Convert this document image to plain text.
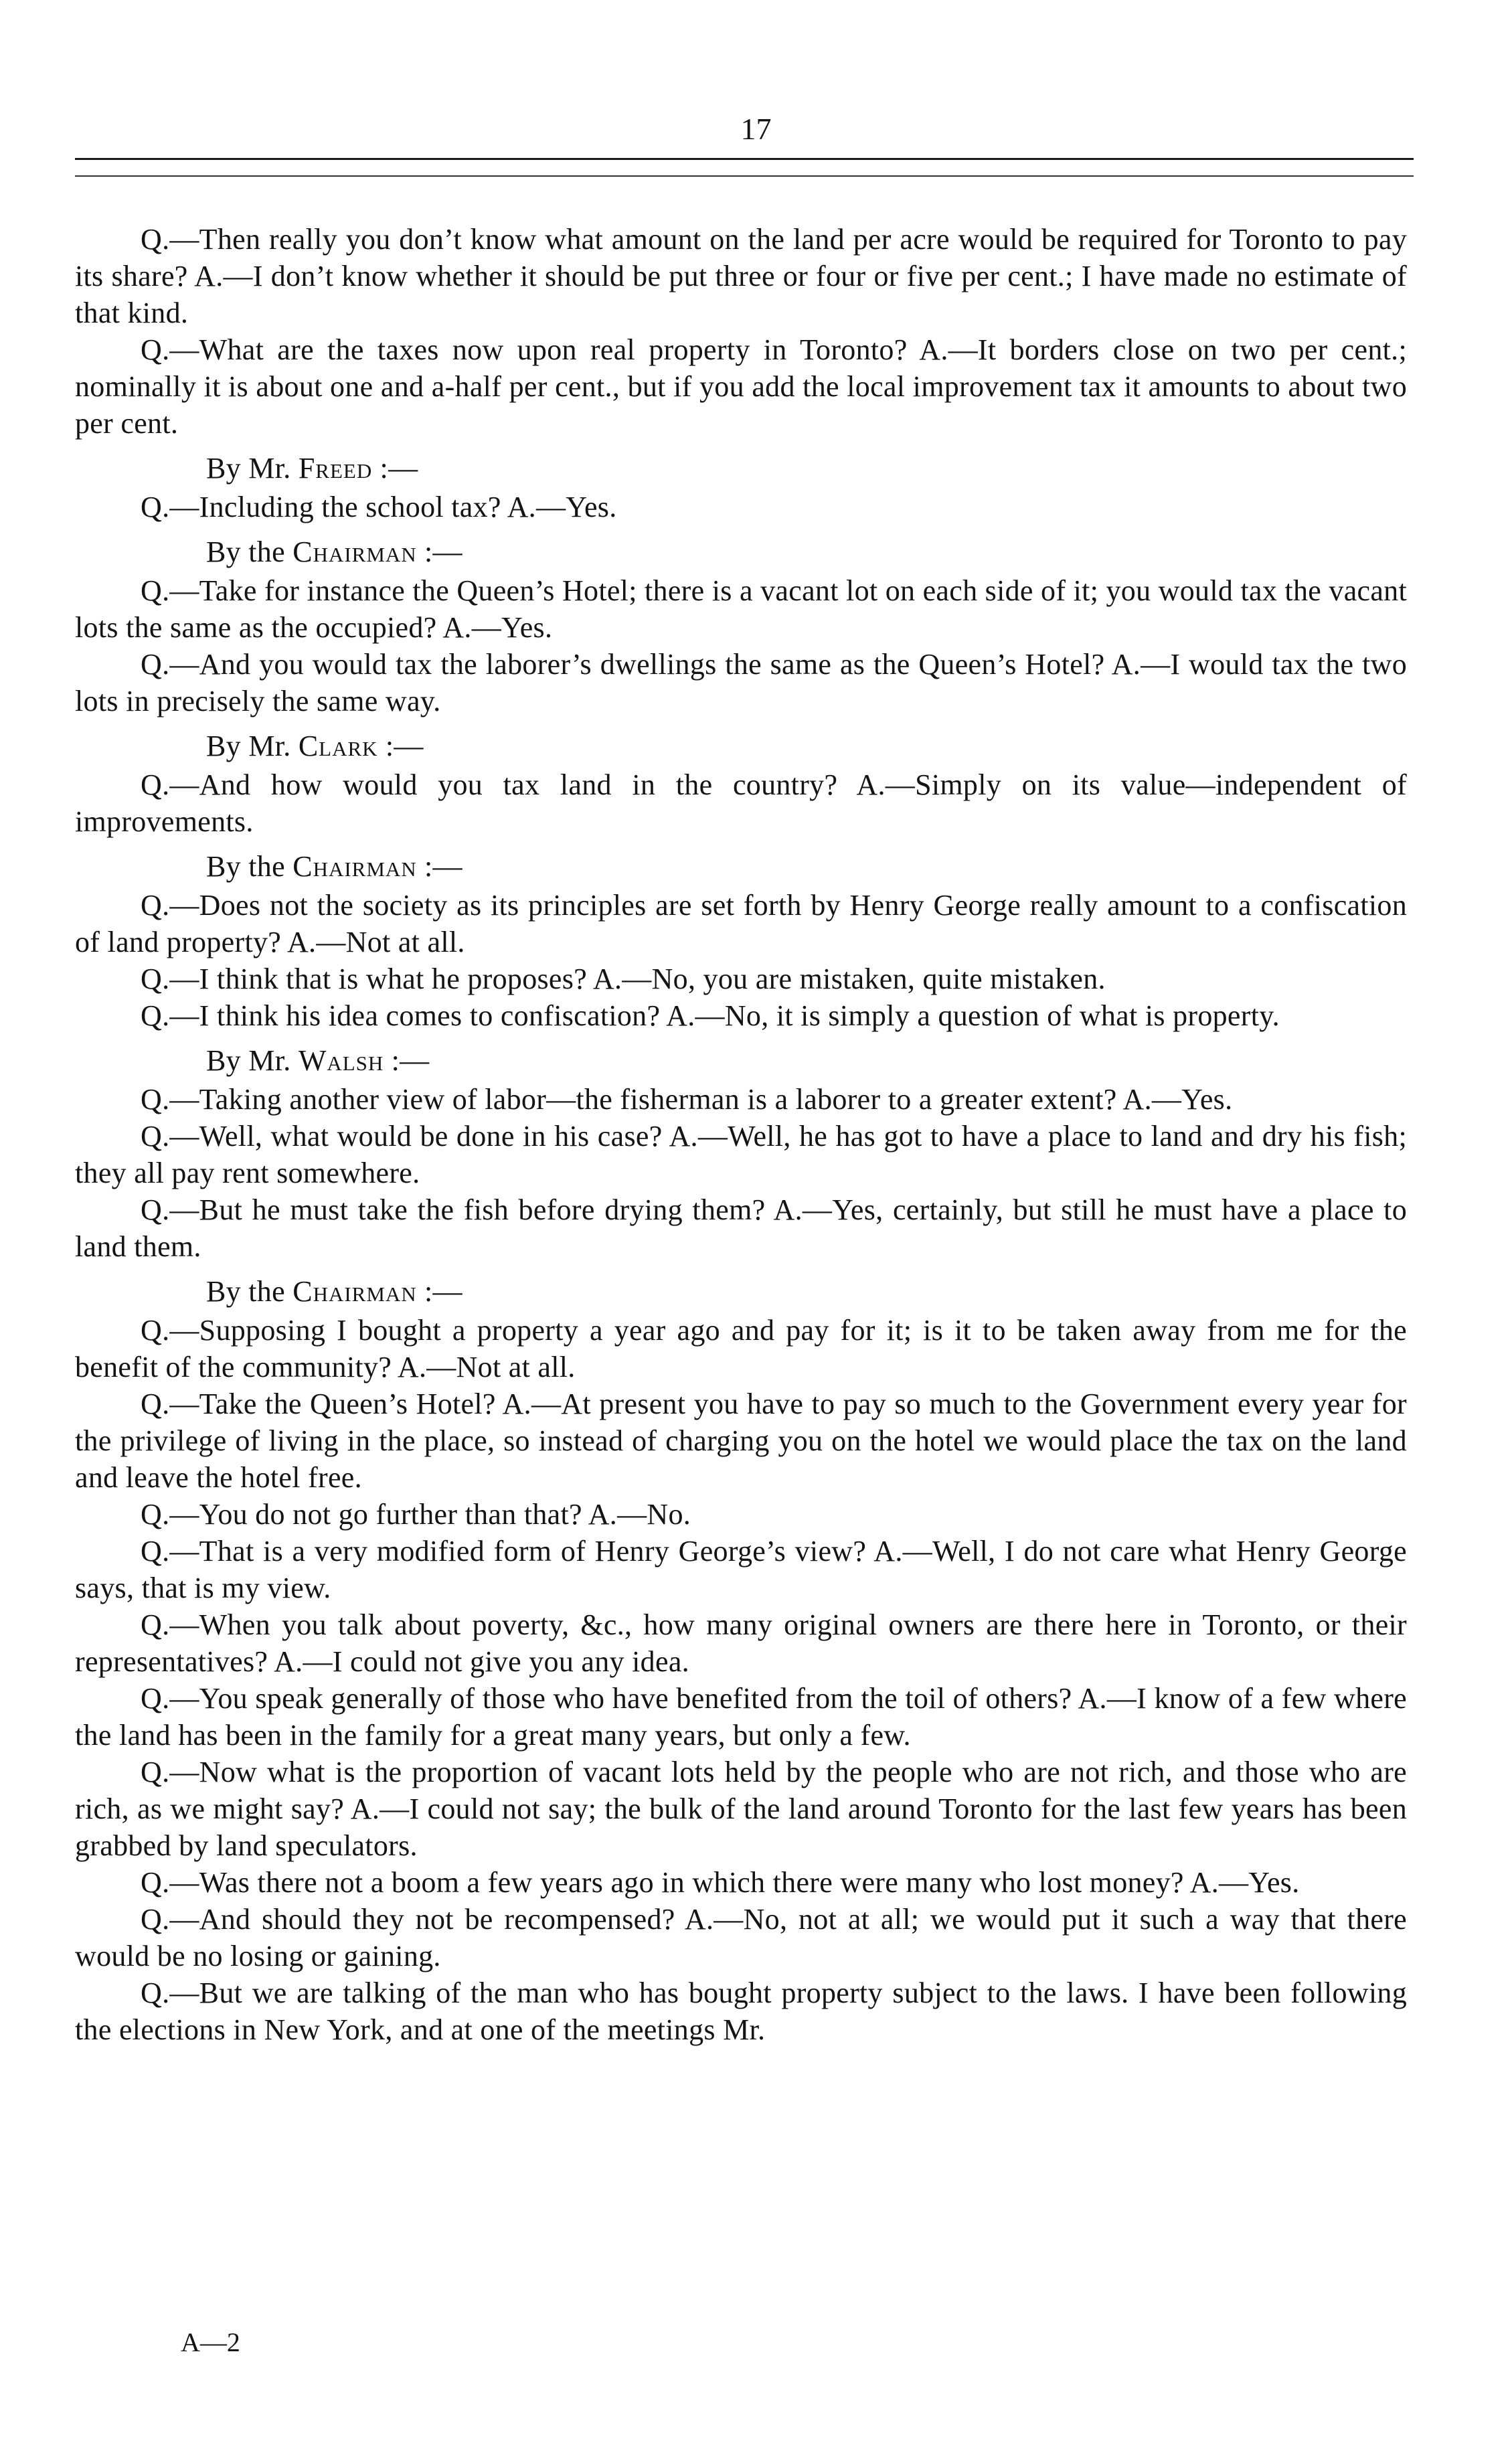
17

Q.—Then really you don’t know what amount on the land per acre would be required for Toronto to pay its share? A.—I don’t know whether it should be put three or four or five per cent.; I have made no estimate of that kind.

Q.—What are the taxes now upon real property in Toronto? A.—It borders close on two per cent.; nominally it is about one and a-half per cent., but if you add the local improvement tax it amounts to about two per cent.

By Mr. Freed :—

Q.—Including the school tax? A.—Yes.

By the Chairman :—

Q.—Take for instance the Queen’s Hotel; there is a vacant lot on each side of it; you would tax the vacant lots the same as the occupied? A.—Yes.

Q.—And you would tax the laborer’s dwellings the same as the Queen’s Hotel? A.—I would tax the two lots in precisely the same way.

By Mr. Clark :—

Q.—And how would you tax land in the country? A.—Simply on its value—independent of improvements.

By the Chairman :—

Q.—Does not the society as its principles are set forth by Henry George really amount to a confiscation of land property? A.—Not at all.

Q.—I think that is what he proposes? A.—No, you are mistaken, quite mistaken.

Q.—I think his idea comes to confiscation? A.—No, it is simply a question of what is property.

By Mr. Walsh :—

Q.—Taking another view of labor—the fisherman is a laborer to a greater extent? A.—Yes.

Q.—Well, what would be done in his case? A.—Well, he has got to have a place to land and dry his fish; they all pay rent somewhere.

Q.—But he must take the fish before drying them? A.—Yes, certainly, but still he must have a place to land them.

By the Chairman :—

Q.—Supposing I bought a property a year ago and pay for it; is it to be taken away from me for the benefit of the community? A.—Not at all.

Q.—Take the Queen’s Hotel? A.—At present you have to pay so much to the Government every year for the privilege of living in the place, so instead of charging you on the hotel we would place the tax on the land and leave the hotel free.

Q.—You do not go further than that? A.—No.

Q.—That is a very modified form of Henry George’s view? A.—Well, I do not care what Henry George says, that is my view.

Q.—When you talk about poverty, &c., how many original owners are there here in Toronto, or their representatives? A.—I could not give you any idea.

Q.—You speak generally of those who have benefited from the toil of others? A.—I know of a few where the land has been in the family for a great many years, but only a few.

Q.—Now what is the proportion of vacant lots held by the people who are not rich, and those who are rich, as we might say? A.—I could not say; the bulk of the land around Toronto for the last few years has been grabbed by land speculators.

Q.—Was there not a boom a few years ago in which there were many who lost money? A.—Yes.

Q.—And should they not be recompensed? A.—No, not at all; we would put it such a way that there would be no losing or gaining.

Q.—But we are talking of the man who has bought property subject to the laws. I have been following the elections in New York, and at one of the meetings Mr.

A—2
